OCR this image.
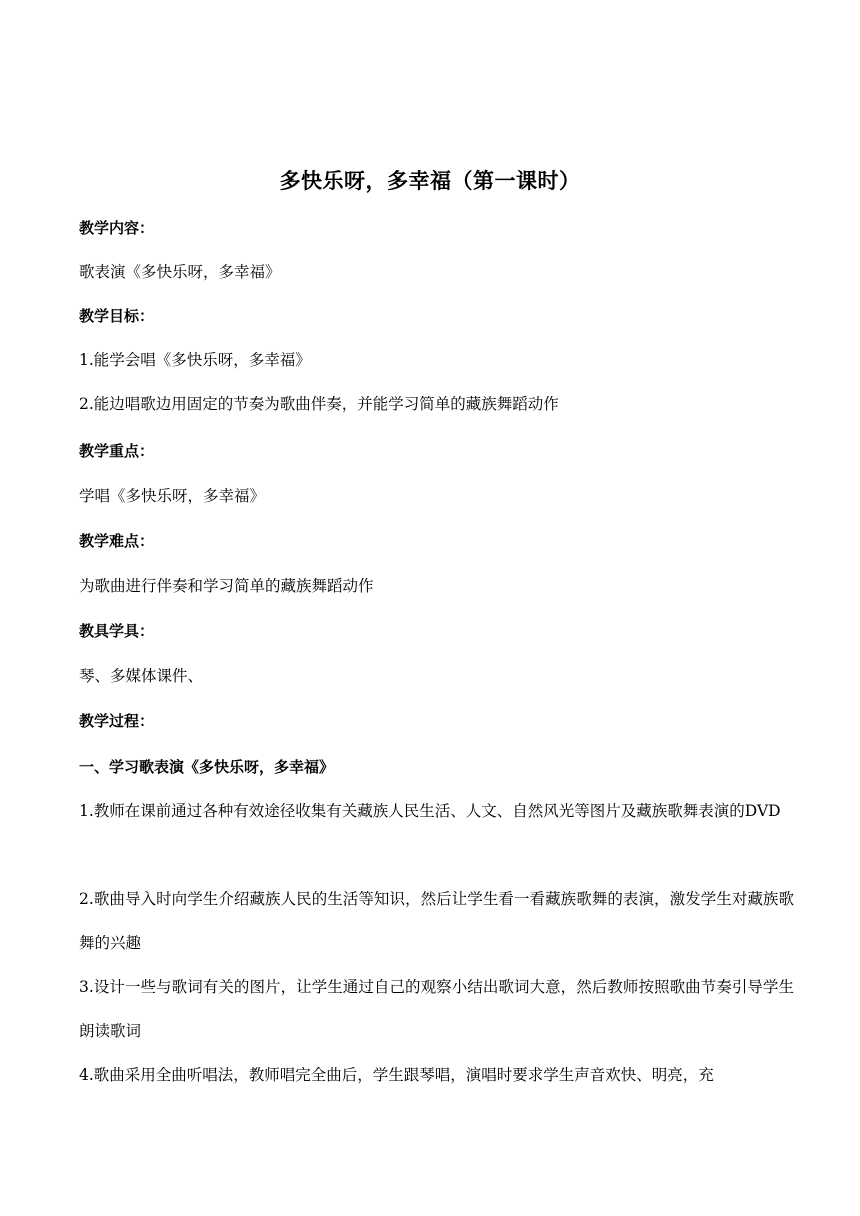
多快乐呀，多幸福（第一课时）
教学内容：
歌表演《多快乐呀，多幸福》
教学目标：
1.能学会唱《多快乐呀，多幸福》
2.能边唱歌边用固定的节奏为歌曲伴奏，并能学习简单的藏族舞蹈动作
教学重点：
学唱《多快乐呀，多幸福》
教学难点：
为歌曲进行伴奏和学习简单的藏族舞蹈动作
教具学具：
琴、多媒体课件、
教学过程：
一、学习歌表演《多快乐呀，多幸福》
1.教师在课前通过各种有效途径收集有关藏族人民生活、人文、自然风光等图片及藏族歌舞表演的DVD
2.歌曲导入时向学生介绍藏族人民的生活等知识，然后让学生看一看藏族歌舞的表演，激发学生对藏族歌舞的兴趣
3.设计一些与歌词有关的图片，让学生通过自己的观察小结出歌词大意，然后教师按照歌曲节奏引导学生朗读歌词
4.歌曲采用全曲听唱法，教师唱完全曲后，学生跟琴唱，演唱时要求学生声音欢快、明亮，充
